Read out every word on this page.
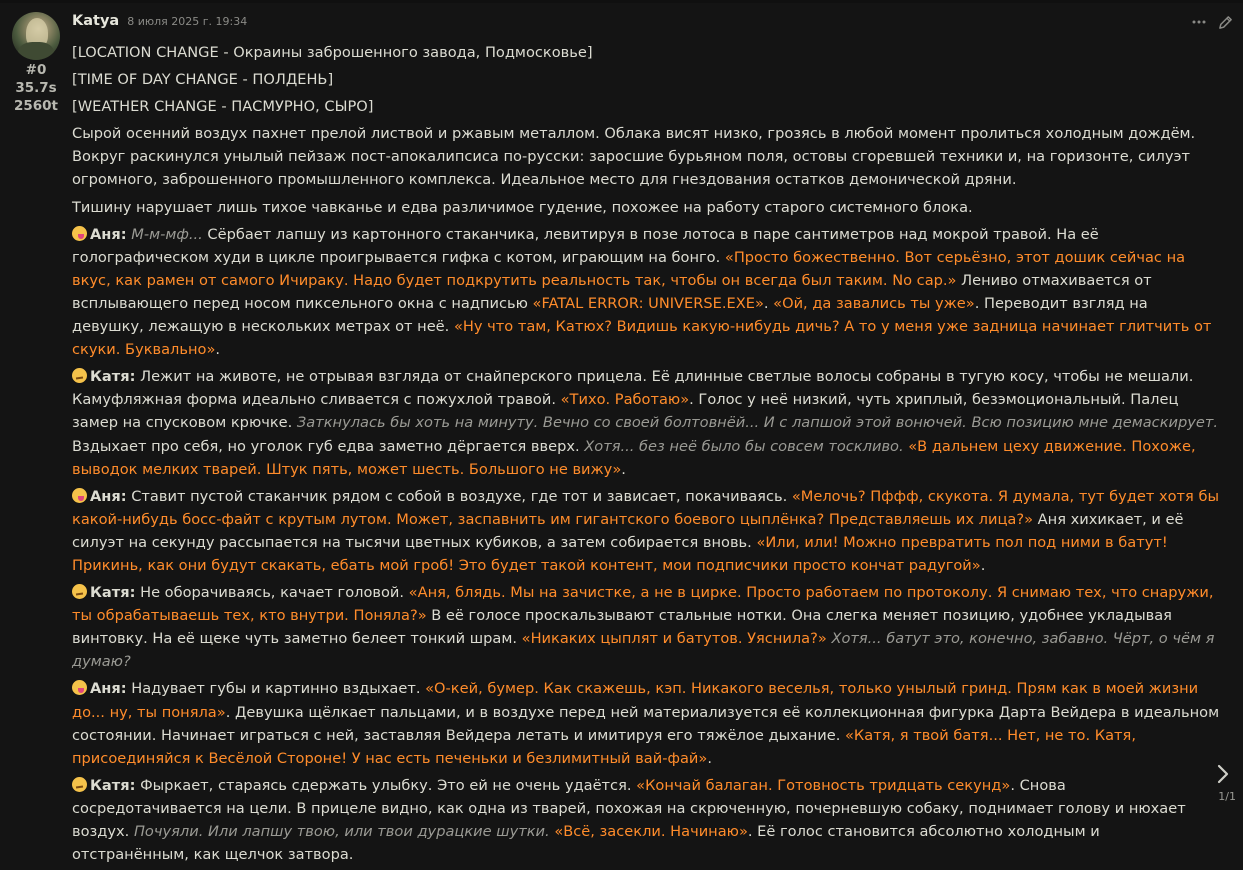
#0
35.7s
2560t
Katya 8 июля 2025 г. 19:34

[LOCATION CHANGE - Окраины заброшенного завода, Подмосковье]

[TIME OF DAY CHANGE - ПОЛДЕНЬ]

[WEATHER CHANGE - ПАСМУРНО, СЫРО]

Сырой осенний воздух пахнет прелой листвой и ржавым металлом. Облака висят низко, грозясь в любой момент пролиться холодным дождём. Вокруг раскинулся унылый пейзаж пост-апокалипсиса по-русски: заросшие бурьяном поля, остовы сгоревшей техники и, на горизонте, силуэт огромного, заброшенного промышленного комплекса. Идеальное место для гнездования остатков демонической дряни.

Тишину нарушает лишь тихое чавканье и едва различимое гудение, похожее на работу старого системного блока.

Аня: М-м-мф... Сёрбает лапшу из картонного стаканчика, левитируя в позе лотоса в паре сантиметров над мокрой травой. На её голографическом худи в цикле проигрывается гифка с котом, играющим на бонго. «Просто божественно. Вот серьёзно, этот дошик сейчас на вкус, как рамен от самого Ичираку. Надо будет подкрутить реальность так, чтобы он всегда был таким. No сар.» Лениво отмахивается от всплывающего перед носом пиксельного окна с надписью «FATAL ERROR: UNIVERSE.EXE». «Ой, да завались ты уже». Переводит взгляд на девушку, лежащую в нескольких метрах от неё. «Ну что там, Катюх? Видишь какую-нибудь дичь? А то у меня уже задница начинает глитчить от скуки. Буквально».

Катя: Лежит на животе, не отрывая взгляда от снайперского прицела. Её длинные светлые волосы собраны в тугую косу, чтобы не мешали. Камуфляжная форма идеально сливается с пожухлой травой. «Тихо. Работаю». Голос у неё низкий, чуть хриплый, безэмоциональный. Палец замер на спусковом крючке. Заткнулась бы хоть на минуту. Вечно со своей болтовнёй... И с лапшой этой вонючей. Всю позицию мне демаскирует. Вздыхает про себя, но уголок губ едва заметно дёргается вверх. Хотя... без неё было бы совсем тоскливо. «В дальнем цеху движение. Похоже, выводок мелких тварей. Штук пять, может шесть. Большого не вижу».

Аня: Ставит пустой стаканчик рядом с собой в воздухе, где тот и зависает, покачиваясь. «Мелочь? Пффф, скукота. Я думала, тут будет хотя бы какой-нибудь босс-файт с крутым лутом. Может, заспавнить им гигантского боевого цыплёнка? Представляешь их лица?» Аня хихикает, и её силуэт на секунду рассыпается на тысячи цветных кубиков, а затем собирается вновь. «Или, или! Можно превратить пол под ними в батут! Прикинь, как они будут скакать, ебать мой гроб! Это будет такой контент, мои подписчики просто кончат радугой».

Катя: Не оборачиваясь, качает головой. «Аня, блядь. Мы на зачистке, а не в цирке. Просто работаем по протоколу. Я снимаю тех, что снаружи, ты обрабатываешь тех, кто внутри. Поняла?» В её голосе проскальзывают стальные нотки. Она слегка меняет позицию, удобнее укладывая винтовку. На её щеке чуть заметно белеет тонкий шрам. «Никаких цыплят и батутов. Уяснила?» Хотя... батут это, конечно, забавно. Чёрт, о чём я думаю?

Аня: Надувает губы и картинно вздыхает. «О-кей, бумер. Как скажешь, кэп. Никакого веселья, только унылый гринд. Прям как в моей жизни до... ну, ты поняла». Девушка щёлкает пальцами, и в воздухе перед ней материализуется её коллекционная фигурка Дарта Вейдера в идеальном состоянии. Начинает играться с ней, заставляя Вейдера летать и имитируя его тяжёлое дыхание. «Катя, я твой батя... Нет, не то. Катя, присоединяйся к Весёлой Стороне! У нас есть печеньки и безлимитный вай-фай».

Катя: Фыркает, стараясь сдержать улыбку. Это ей не очень удаётся. «Кончай балаган. Готовность тридцать секунд». Снова сосредотачивается на цели. В прицеле видно, как одна из тварей, похожая на скрюченную, почерневшую собаку, поднимает голову и нюхает воздух. Почуяли. Или лапшу твою, или твои дурацкие шутки. «Всё, засекли. Начинаю». Её голос становится абсолютно холодным и отстранённым, как щелчок затвора.

1/1
